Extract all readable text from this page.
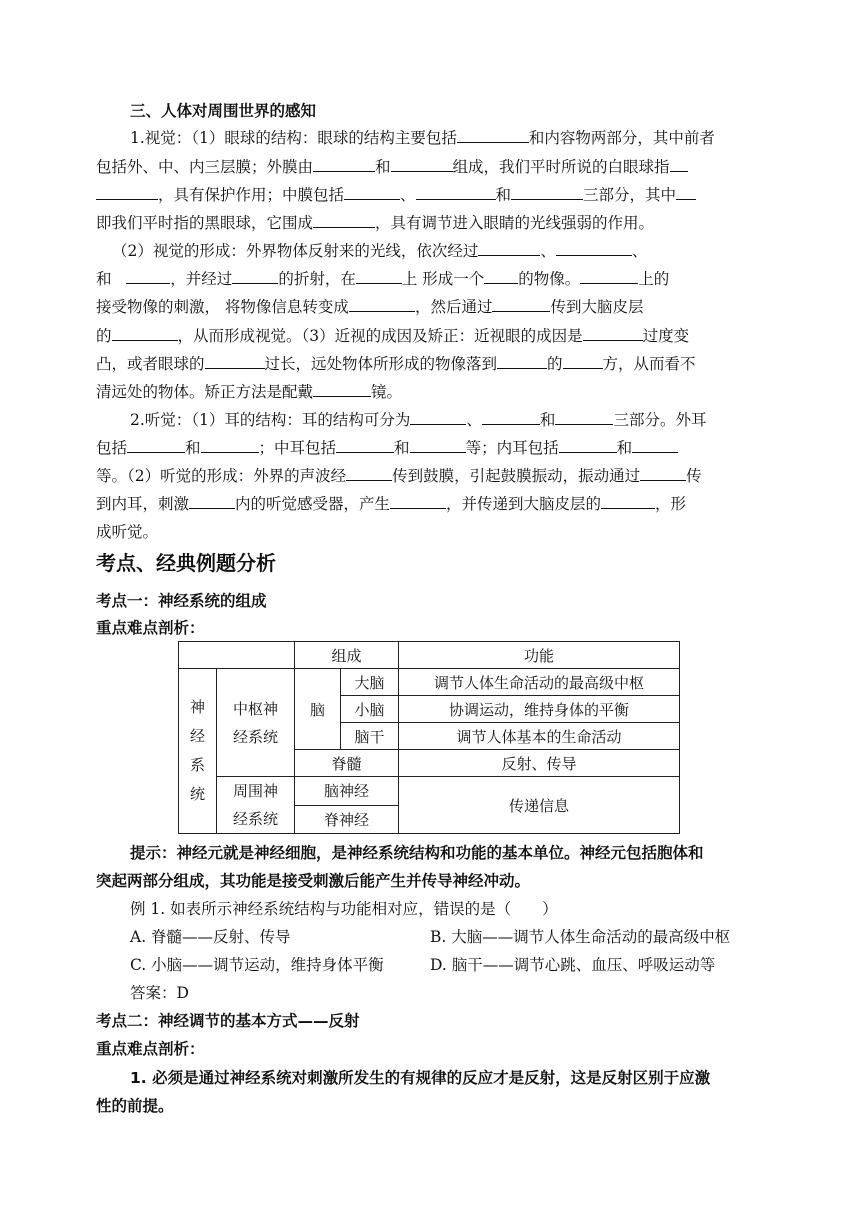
三、人体对周围世界的感知
1.视觉：（1）眼球的结构：眼球的结构主要包括	和内容物两部分，其中前者
包括外、中、内三层膜；外膜由	和	组成，我们平时所说的白眼球指
，具有保护作用；中膜包括	、	和	三部分，其中
即我们平时指的黑眼球，它围成	，具有调节进入眼睛的光线强弱的作用。
（2）视觉的形成：外界物体反射来的光线，依次经过	、	、
和	，并经过	的折射，在	上 形成一个 的物像。	上的
接受物像的刺激， 将物像信息转变成	，然后通过	传到大脑皮层
的	，从而形成视觉。（3）近视的成因及矫正：近视眼的成因是	过度变
凸，或者眼球的	过长，远处物体所形成的物像落到	的	方，从而看不
清远处的物体。矫正方法是配戴	镜。
2.听觉：（1）耳的结构：耳的结构可分为	、	和	三部分。外耳
包括	和	；中耳包括	和	等；内耳包括	和
等。（2）听觉的形成：外界的声波经	传到鼓膜，引起鼓膜振动，振动通过	传
到内耳，刺激	内的听觉感受器，产生	，并传递到大脑皮层的	，形
成听觉。
考点、经典例题分析
考点一：神经系统的组成
重点难点剖析：
		组成		功能
神经系统	中枢神经系统	脑	大脑	调节人体生命活动的最高级中枢
			小脑	协调运动，维持身体的平衡
			脑干	调节人体基本的生命活动
		脊髓		反射、传导
	周围神经系统	脑神经		传递信息
		脊神经		
提示：神经元就是神经细胞，是神经系统结构和功能的基本单位。神经元包括胞体和
突起两部分组成，其功能是接受刺激后能产生并传导神经冲动。
例 1. 如表所示神经系统结构与功能相对应，错误的是（　　）
A. 脊髓——反射、传导	B. 大脑——调节人体生命活动的最高级中枢
C. 小脑——调节运动，维持身体平衡	D. 脑干——调节心跳、血压、呼吸运动等
答案：D
考点二：神经调节的基本方式——反射
重点难点剖析：
1. 必须是通过神经系统对刺激所发生的有规律的反应才是反射，这是反射区别于应激
性的前提。
